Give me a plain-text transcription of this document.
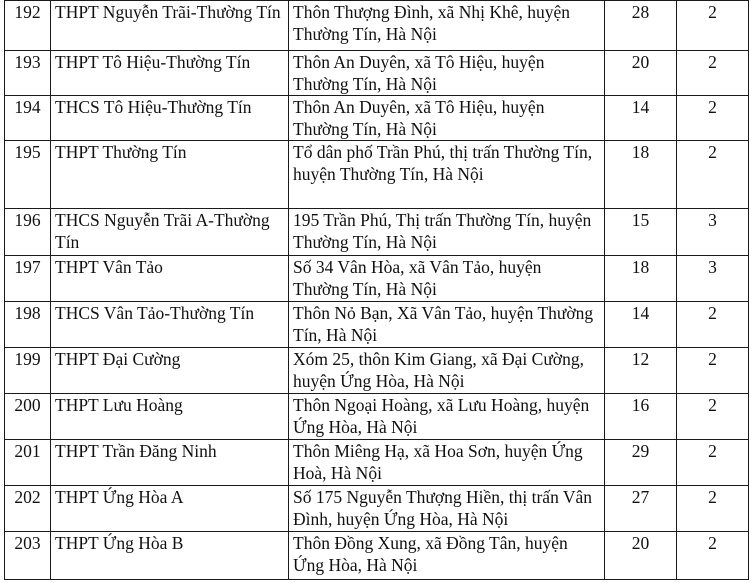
192	THPT Nguyễn Trãi-Thường Tín	Thôn Thượng Đình, xã Nhị Khê, huyện Thường Tín, Hà Nội	28	2
193	THPT Tô Hiệu-Thường Tín	Thôn An Duyên, xã Tô Hiệu, huyện Thường Tín, Hà Nội	20	2
194	THCS Tô Hiệu-Thường Tín	Thôn An Duyên, xã Tô Hiệu, huyện Thường Tín, Hà Nội	14	2
195	THPT Thường Tín	Tổ dân phố Trần Phú, thị trấn Thường Tín, huyện Thường Tín, Hà Nội	18	2
196	THCS Nguyễn Trãi A-Thường Tín	195 Trần Phú, Thị trấn Thường Tín, huyện Thường Tín, Hà Nội	15	3
197	THPT Vân Tảo	Số 34 Vân Hòa, xã Vân Tảo, huyện Thường Tín, Hà Nội	18	3
198	THCS Vân Tảo-Thường Tín	Thôn Nỏ Bạn, Xã Vân Tảo, huyện Thường Tín, Hà Nội	14	2
199	THPT Đại Cường	Xóm 25, thôn Kim Giang, xã Đại Cường, huyện Ứng Hòa, Hà Nội	12	2
200	THPT Lưu Hoàng	Thôn Ngoại Hoàng, xã Lưu Hoàng, huyện Ứng Hòa, Hà Nội	16	2
201	THPT Trần Đăng Ninh	Thôn Miêng Hạ, xã Hoa Sơn, huyện Ứng Hoà, Hà Nội	29	2
202	THPT Ứng Hòa A	Số 175 Nguyễn Thượng Hiền, thị trấn Vân Đình, huyện Ứng Hòa, Hà Nội	27	2
203	THPT Ứng Hòa B	Thôn Đồng Xung, xã Đồng Tân, huyện Ứng Hòa, Hà Nội	20	2
